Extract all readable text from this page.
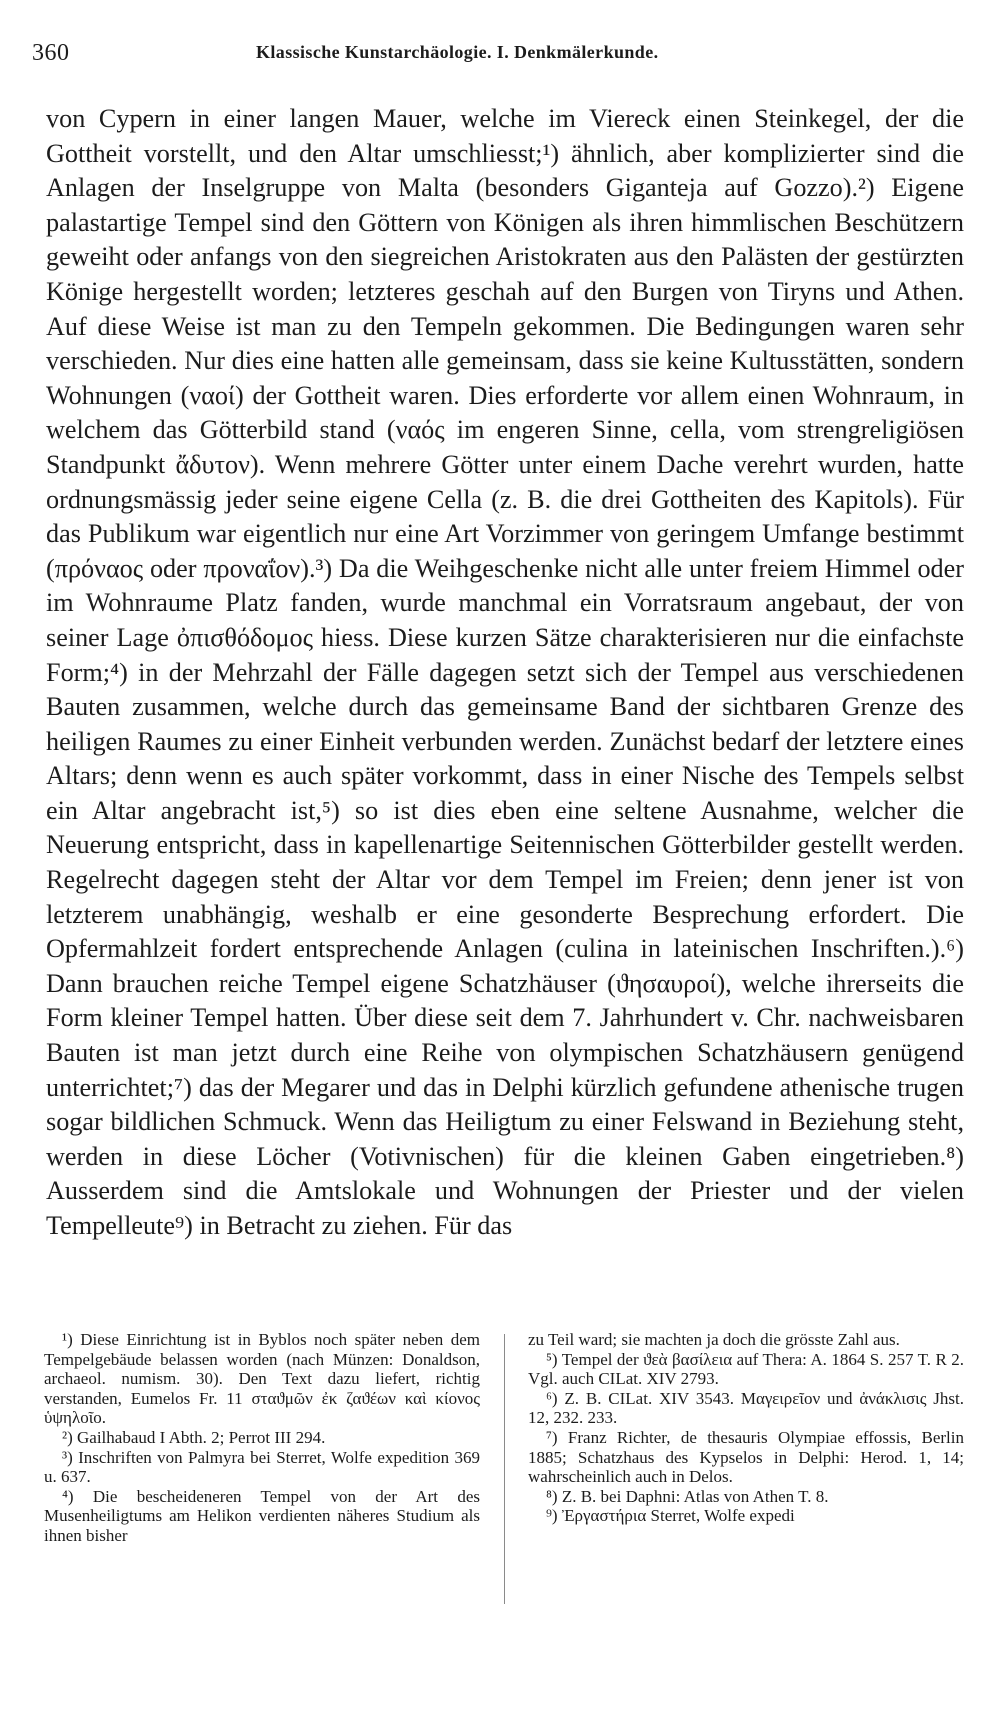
360	Klassische Kunstarchäologie. I. Denkmälerkunde.

von Cypern in einer langen Mauer, welche im Viereck einen Steinkegel, der die Gottheit vorstellt, und den Altar umschliesst;¹) ähnlich, aber komplizierter sind die Anlagen der Inselgruppe von Malta (besonders Giganteja auf Gozzo).²) Eigene palastartige Tempel sind den Göttern von Königen als ihren himmlischen Beschützern geweiht oder anfangs von den siegreichen Aristokraten aus den Palästen der gestürzten Könige hergestellt worden; letzteres geschah auf den Burgen von Tiryns und Athen. Auf diese Weise ist man zu den Tempeln gekommen. Die Bedingungen waren sehr verschieden. Nur dies eine hatten alle gemeinsam, dass sie keine Kultusstätten, sondern Wohnungen (ναοί) der Gottheit waren. Dies erforderte vor allem einen Wohnraum, in welchem das Götterbild stand (ναός im engeren Sinne, cella, vom strengreligiösen Standpunkt ἄδυτον). Wenn mehrere Götter unter einem Dache verehrt wurden, hatte ordnungsmässig jeder seine eigene Cella (z. B. die drei Gottheiten des Kapitols). Für das Publikum war eigentlich nur eine Art Vorzimmer von geringem Umfange bestimmt (πρόναος oder προναΐον).³) Da die Weihgeschenke nicht alle unter freiem Himmel oder im Wohnraume Platz fanden, wurde manchmal ein Vorratsraum angebaut, der von seiner Lage ὀπισθόδομος hiess. Diese kurzen Sätze charakterisieren nur die einfachste Form;⁴) in der Mehrzahl der Fälle dagegen setzt sich der Tempel aus verschiedenen Bauten zusammen, welche durch das gemeinsame Band der sichtbaren Grenze des heiligen Raumes zu einer Einheit verbunden werden. Zunächst bedarf der letztere eines Altars; denn wenn es auch später vorkommt, dass in einer Nische des Tempels selbst ein Altar angebracht ist,⁵) so ist dies eben eine seltene Ausnahme, welcher die Neuerung entspricht, dass in kapellenartige Seitennischen Götterbilder gestellt werden. Regelrecht dagegen steht der Altar vor dem Tempel im Freien; denn jener ist von letzterem unabhängig, weshalb er eine gesonderte Besprechung erfordert. Die Opfermahlzeit fordert entsprechende Anlagen (culina in lateinischen Inschriften.).⁶) Dann brauchen reiche Tempel eigene Schatzhäuser (ϑησαυροί), welche ihrerseits die Form kleiner Tempel hatten. Über diese seit dem 7. Jahrhundert v. Chr. nachweisbaren Bauten ist man jetzt durch eine Reihe von olympischen Schatzhäusern genügend unterrichtet;⁷) das der Megarer und das in Delphi kürzlich gefundene athenische trugen sogar bildlichen Schmuck. Wenn das Heiligtum zu einer Felswand in Beziehung steht, werden in diese Löcher (Votivnischen) für die kleinen Gaben eingetrieben.⁸) Ausserdem sind die Amtslokale und Wohnungen der Priester und der vielen Tempelleute⁹) in Betracht zu ziehen. Für das

¹) Diese Einrichtung ist in Byblos noch später neben dem Tempelgebäude belassen worden (nach Münzen: Donaldson, archaeol. numism. 30). Den Text dazu liefert, richtig verstanden, Eumelos Fr. 11 σταϑμῶν ἐκ ζαϑέων καὶ κίονος ὑψηλοῖο.

²) Gailhabaud I Abth. 2; Perrot III 294.

³) Inschriften von Palmyra bei Sterret, Wolfe expedition 369 u. 637.

⁴) Die bescheideneren Tempel von der Art des Musenheiligtums am Helikon verdienten näheres Studium als ihnen bisher

zu Teil ward; sie machten ja doch die grösste Zahl aus.

⁵) Tempel der ϑεὰ βασίλεια auf Thera: A. 1864 S. 257 T. R 2. Vgl. auch CILat. XIV 2793.

⁶) Z. B. CILat. XIV 3543. Μαγειρεῖον und ἀνάκλισις Jhst. 12, 232. 233.

⁷) Franz Richter, de thesauris Olympiae effossis, Berlin 1885; Schatzhaus des Kypselos in Delphi: Herod. 1, 14; wahrscheinlich auch in Delos.

⁸) Z. B. bei Daphni: Atlas von Athen T. 8.

⁹) Ἐργαστήρια Sterret, Wolfe expedi
